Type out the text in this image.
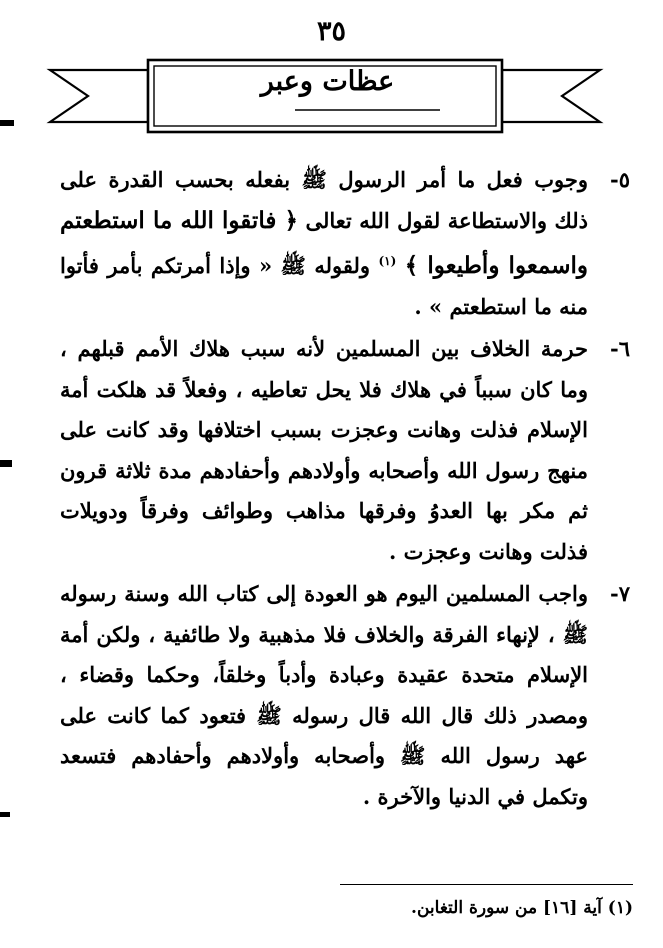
٣٥
عظات وعبر
٥-
وجوب فعل ما أمر الرسول ﷺ بفعله بحسب القدرة على ذلك والاستطاعة لقول الله تعالى ﴿ فاتقوا الله ما استطعتم واسمعوا وأطيعوا ﴾ $^{(١)}$ ولقوله ﷺ « وإذا أمرتكم بأمر فأتوا منه ما استطعتم » .
٦-
حرمة الخلاف بين المسلمين لأنه سبب هلاك الأمم قبلهم ، وما كان سبباً في هلاك فلا يحل تعاطيه ، وفعلاً قد هلكت أمة الإسلام فذلت وهانت وعجزت بسبب اختلافها وقد كانت على منهج رسول الله وأصحابه وأولادهم وأحفادهم مدة ثلاثة قرون ثم مكر بها العدوُ وفرقها مذاهب وطوائف وفرقاً ودويلات فذلت وهانت وعجزت .
٧-
واجب المسلمين اليوم هو العودة إلى كتاب الله وسنة رسوله ﷺ ، لإنهاء الفرقة والخلاف فلا مذهبية ولا طائفية ، ولكن أمة الإسلام متحدة عقيدة وعبادة وأدباً وخلقاً، وحكما وقضاء ، ومصدر ذلك قال الله قال رسوله ﷺ فتعود كما كانت على عهد رسول الله ﷺ وأصحابه وأولادهم وأحفادهم فتسعد وتكمل في الدنيا والآخرة .
(١) آية [١٦] من سورة التغابن.
